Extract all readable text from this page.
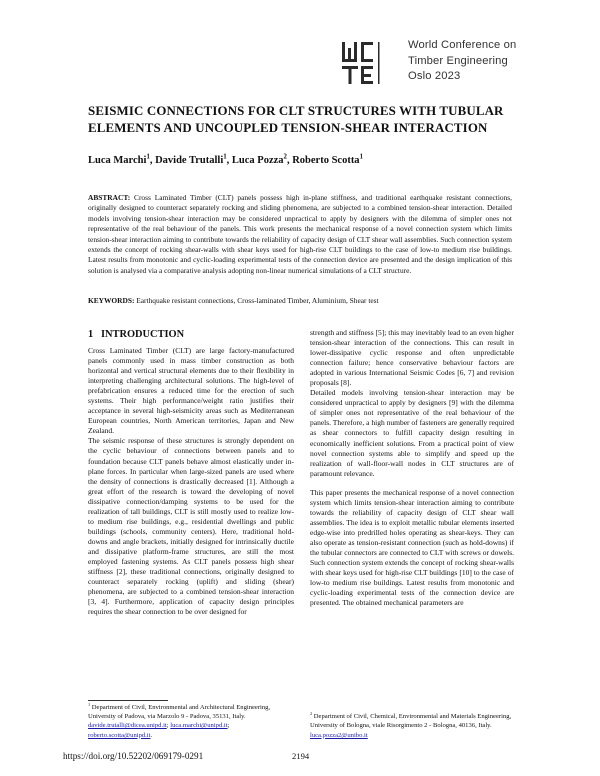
World Conference on
Timber Engineering
Oslo 2023
SEISMIC CONNECTIONS FOR CLT STRUCTURES WITH TUBULAR
ELEMENTS AND UNCOUPLED TENSION-SHEAR INTERACTION
Luca Marchi$^1$, Davide Trutalli$^1$, Luca Pozza$^2$, Roberto Scotta$^1$
ABSTRACT: Cross Laminated Timber (CLT) panels possess high in-plane stiffness, and traditional earthquake resistant connections, originally designed to counteract separately rocking and sliding phenomena, are subjected to a combined tension-shear interaction. Detailed models involving tension-shear interaction may be considered unpractical to apply by designers with the dilemma of simpler ones not representative of the real behaviour of the panels. This work presents the mechanical response of a novel connection system which limits tension-shear interaction aiming to contribute towards the reliability of capacity design of CLT shear wall assemblies. Such connection system extends the concept of rocking shear-walls with shear keys used for high-rise CLT buildings to the case of low-to medium rise buildings. Latest results from monotonic and cyclic-loading experimental tests of the connection device are presented and the design implication of this solution is analysed via a comparative analysis adopting non-linear numerical simulations of a CLT structure.
KEYWORDS: Earthquake resistant connections, Cross-laminated Timber, Aluminium, Shear test
1   INTRODUCTION

Cross Laminated Timber (CLT) are large factory-manufactured panels commonly used in mass timber construction as both horizontal and vertical structural elements due to their flexibility in interpreting challenging architectural solutions. The high-level of prefabrication ensures a reduced time for the erection of such systems. Their high performance/weight ratio justifies their acceptance in several high-seismicity areas such as Mediterranean European countries, North American territories, Japan and New Zealand.

The seismic response of these structures is strongly dependent on the cyclic behaviour of connections between panels and to foundation because CLT panels behave almost elastically under in-plane forces. In particular when large-sized panels are used where the density of connections is drastically decreased [1]. Although a great effort of the research is toward the developing of novel dissipative connection/damping systems to be used for the realization of tall buildings, CLT is still mostly used to realize low-to medium rise buildings, e.g., residential dwellings and public buildings (schools, community centers). Here, traditional hold-downs and angle brackets, initially designed for intrinsically ductile and dissipative platform-frame structures, are still the most employed fastening systems. As CLT panels possess high shear stiffness [2], these traditional connections, originally designed to counteract separately rocking (uplift) and sliding (shear) phenomena, are subjected to a combined tension-shear interaction [3, 4]. Furthermore, application of capacity design principles requires the shear connection to be over designed for

strength and stiffness [5]; this may inevitably lead to an even higher tension-shear interaction of the connections. This can result in lower-dissipative cyclic response and often unpredictable connection failure; hence conservative behaviour factors are adopted in various International Seismic Codes [6, 7] and revision proposals [8].

Detailed models involving tension-shear interaction may be considered unpractical to apply by designers [9] with the dilemma of simpler ones not representative of the real behaviour of the panels. Therefore, a high number of fasteners are generally required as shear connectors to fulfill capacity design resulting in economically inefficient solutions. From a practical point of view novel connection systems able to simplify and speed up the realization of wall-floor-wall nodes in CLT structures are of paramount relevance.

This paper presents the mechanical response of a novel connection system which limits tension-shear interaction aiming to contribute towards the reliability of capacity design of CLT shear wall assemblies. The idea is to exploit metallic tubular elements inserted edge-wise into predrilled holes operating as shear-keys. They can also operate as tension-resistant connection (such as hold-downs) if the tubular connectors are connected to CLT with screws or dowels. Such connection system extends the concept of rocking shear-walls with shear keys used for high-rise CLT buildings [10] to the case of low-to medium rise buildings. Latest results from monotonic and cyclic-loading experimental tests of the connection device are presented. The obtained mechanical parameters are

$^1$ Department of Civil, Environmental and Architectural Engineering, University of Padova, via Marzolo 9 - Padova, 35131, Italy. davide.trutalli@dicea.unipd.it; luca.marchi@unipd.it; roberto.scotta@unipd.it.
$^2$ Department of Civil, Chemical, Environmental and Materials Engineering, University of Bologna, viale Risorgimento 2 - Bologna, 40136, Italy. luca.pozza2@unibo.it
https://doi.org/10.52202/069179-0291	2194
